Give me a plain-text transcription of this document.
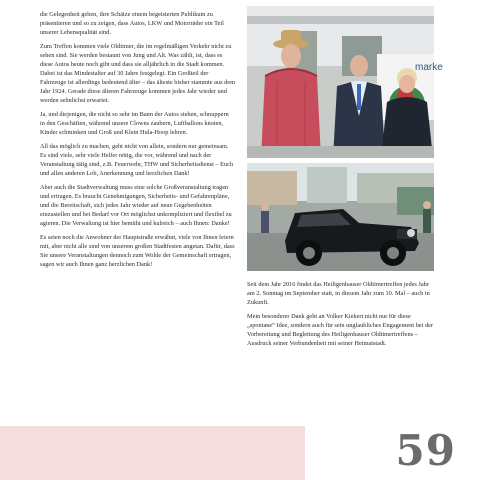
die Gelegenheit geben, ihre Schätze einem begeisterten Publikum zu präsentieren und so zu zeigen, dass Autos, LKW und Motorräder ein Teil unserer Lebensqualität sind.

Zum Treffen kommen viele Oldtimer, die im regelmäßigen Verkehr nicht zu sehen sind. Sie werden bestaunt von Jung und Alt. Was zählt, ist, dass es diese Autos heute noch gibt und dass sie alljährlich in die Stadt kommen. Dabei ist das Mindestalter auf 30 Jahre festgelegt. Ein Großteil der Fahrzeuge ist allerdings bedeutend älter – das älteste bisher stammte aus dem Jahr 1924. Gerade diese älteren Fahrzeuge kommen jedes Jahr wieder und werden sehnlichst erwartet.

Ja, und diejenigen, die nicht so sehr im Bann der Autos stehen, schnuppern in den Geschäften, während unsere Clowns zaubern, Luftballons knoten, Kinder schminken und Groß und Klein Hula-Hoop lehren.

All das möglich zu machen, geht nicht von allein, sondern nur gemeinsam. Es sind viele, sehr viele Helfer nötig, die vor, während und nach der Veranstaltung tätig sind, z.B. Feuerwehr, THW und Sicherheitsdienst – Euch und allen anderen Lob, Anerkennung und herzlichen Dank!

Aber auch die Stadtverwaltung muss eine solche Großveranstaltung tragen und ertragen. Es braucht Genehmigungen, Sicherheits- und Gefahrenpläne, und die Bereitschaft, sich jedes Jahr wieder auf neue Gegebenheiten einzustellen und bei Bedarf vor Ort möglichst unkompliziert und flexibel zu agieren. Die Verwaltung ist hier bemüht und kulreich – auch Ihnen: Danke!

Es seien noch die Anwohner der Hauptstraße erwähnt, viele von Ihnen feiern mit, aber nicht alle sind von unserem großen Stadtfesten angetan. Dafür, dass Sie unsere Veranstaltungen dennoch zum Wohle der Gemeinschaft ertragen, sagen wir auch Ihnen ganz herzlichen Dank!

marke

Seit dem Jahr 2016 findet das Heiligenhauser Oldtimertreffen jedes Jahr am 2. Sonntag im September statt, in diesem Jahr zum 10. Mal – auch in Zukunft.

Mein besonderer Dank geht an Volker Kiekert nicht nur für diese „spontane“ Idee, sondern auch für sein unglaubliches Engagement bei der Vorbereitung und Begleitung des Heiligenhauser Oldtimertreffens – Ausdruck seiner Verbundenheit mit seiner Heimatstadt.

59
